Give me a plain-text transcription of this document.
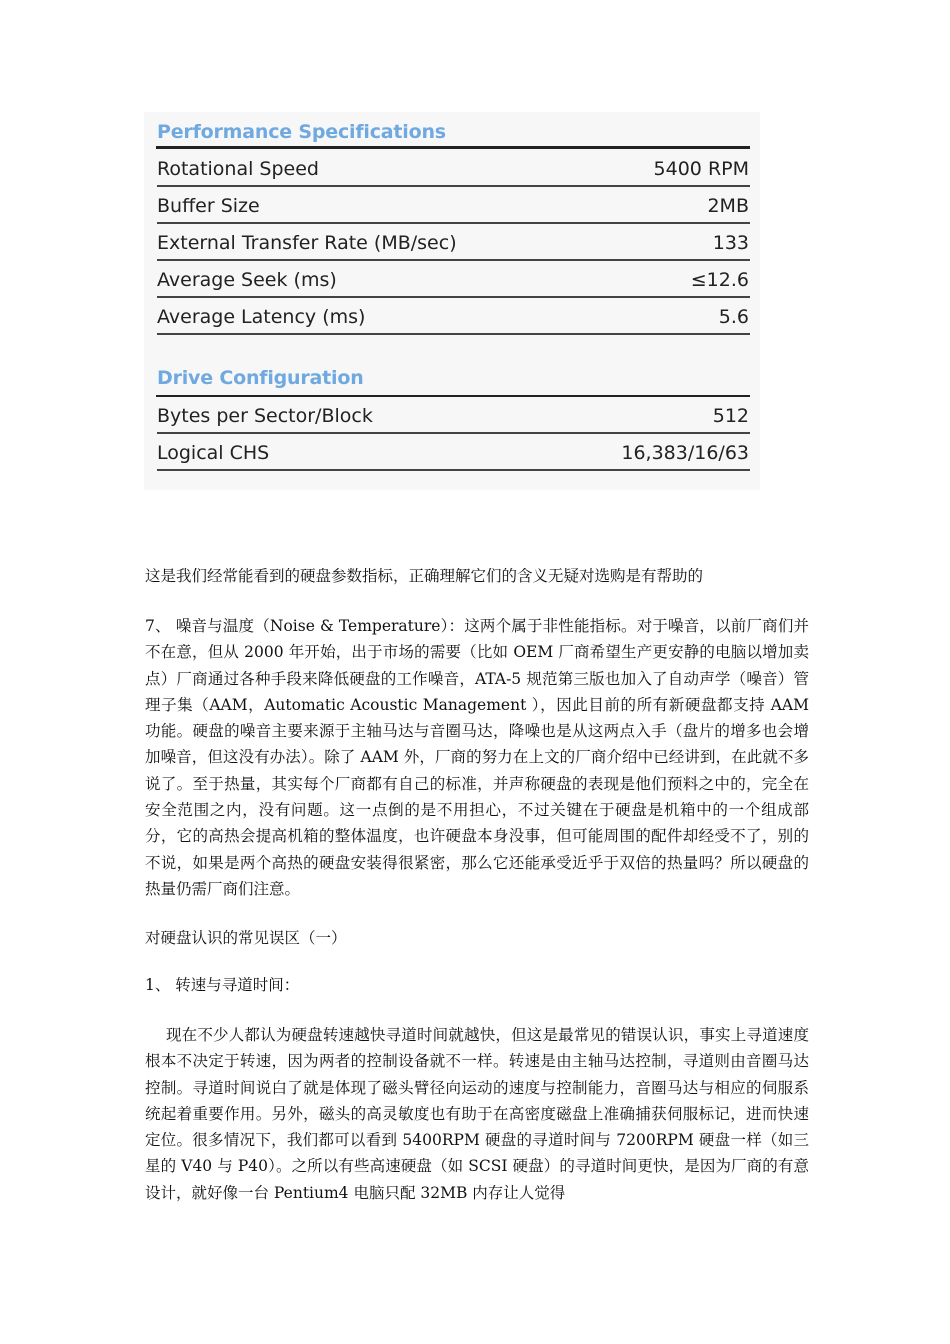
Performance Specifications
Rotational Speed	5400 RPM
Buffer Size	2MB
External Transfer Rate (MB/sec)	133
Average Seek (ms)	≤12.6
Average Latency (ms)	5.6
Drive Configuration
Bytes per Sector/Block	512
Logical CHS	16,383/16/63
这是我们经常能看到的硬盘参数指标，正确理解它们的含义无疑对选购是有帮助的
7、 噪音与温度（Noise & Temperature）：这两个属于非性能指标。对于噪音，以前厂商们并不在意，但从 2000 年开始，出于市场的需要（比如 OEM 厂商希望生产更安静的电脑以增加卖点）厂商通过各种手段来降低硬盘的工作噪音，ATA-5 规范第三版也加入了自动声学（噪音）管理子集（AAM，Automatic Acoustic Management ），因此目前的所有新硬盘都支持 AAM 功能。硬盘的噪音主要来源于主轴马达与音圈马达，降噪也是从这两点入手（盘片的增多也会增加噪音，但这没有办法）。除了 AAM 外，厂商的努力在上文的厂商介绍中已经讲到，在此就不多说了。至于热量，其实每个厂商都有自己的标准，并声称硬盘的表现是他们预料之中的，完全在安全范围之内，没有问题。这一点倒的是不用担心，不过关键在于硬盘是机箱中的一个组成部分，它的高热会提高机箱的整体温度，也许硬盘本身没事，但可能周围的配件却经受不了，别的不说，如果是两个高热的硬盘安装得很紧密，那么它还能承受近乎于双倍的热量吗？所以硬盘的热量仍需厂商们注意。
对硬盘认识的常见误区（一）
1、 转速与寻道时间：
现在不少人都认为硬盘转速越快寻道时间就越快，但这是最常见的错误认识，事实上寻道速度根本不决定于转速，因为两者的控制设备就不一样。转速是由主轴马达控制，寻道则由音圈马达控制。寻道时间说白了就是体现了磁头臂径向运动的速度与控制能力，音圈马达与相应的伺服系统起着重要作用。另外，磁头的高灵敏度也有助于在高密度磁盘上准确捕获伺服标记，进而快速定位。很多情况下，我们都可以看到 5400RPM 硬盘的寻道时间与 7200RPM 硬盘一样（如三星的 V40 与 P40）。之所以有些高速硬盘（如 SCSI 硬盘）的寻道时间更快，是因为厂商的有意设计，就好像一台 Pentium4 电脑只配 32MB 内存让人觉得
